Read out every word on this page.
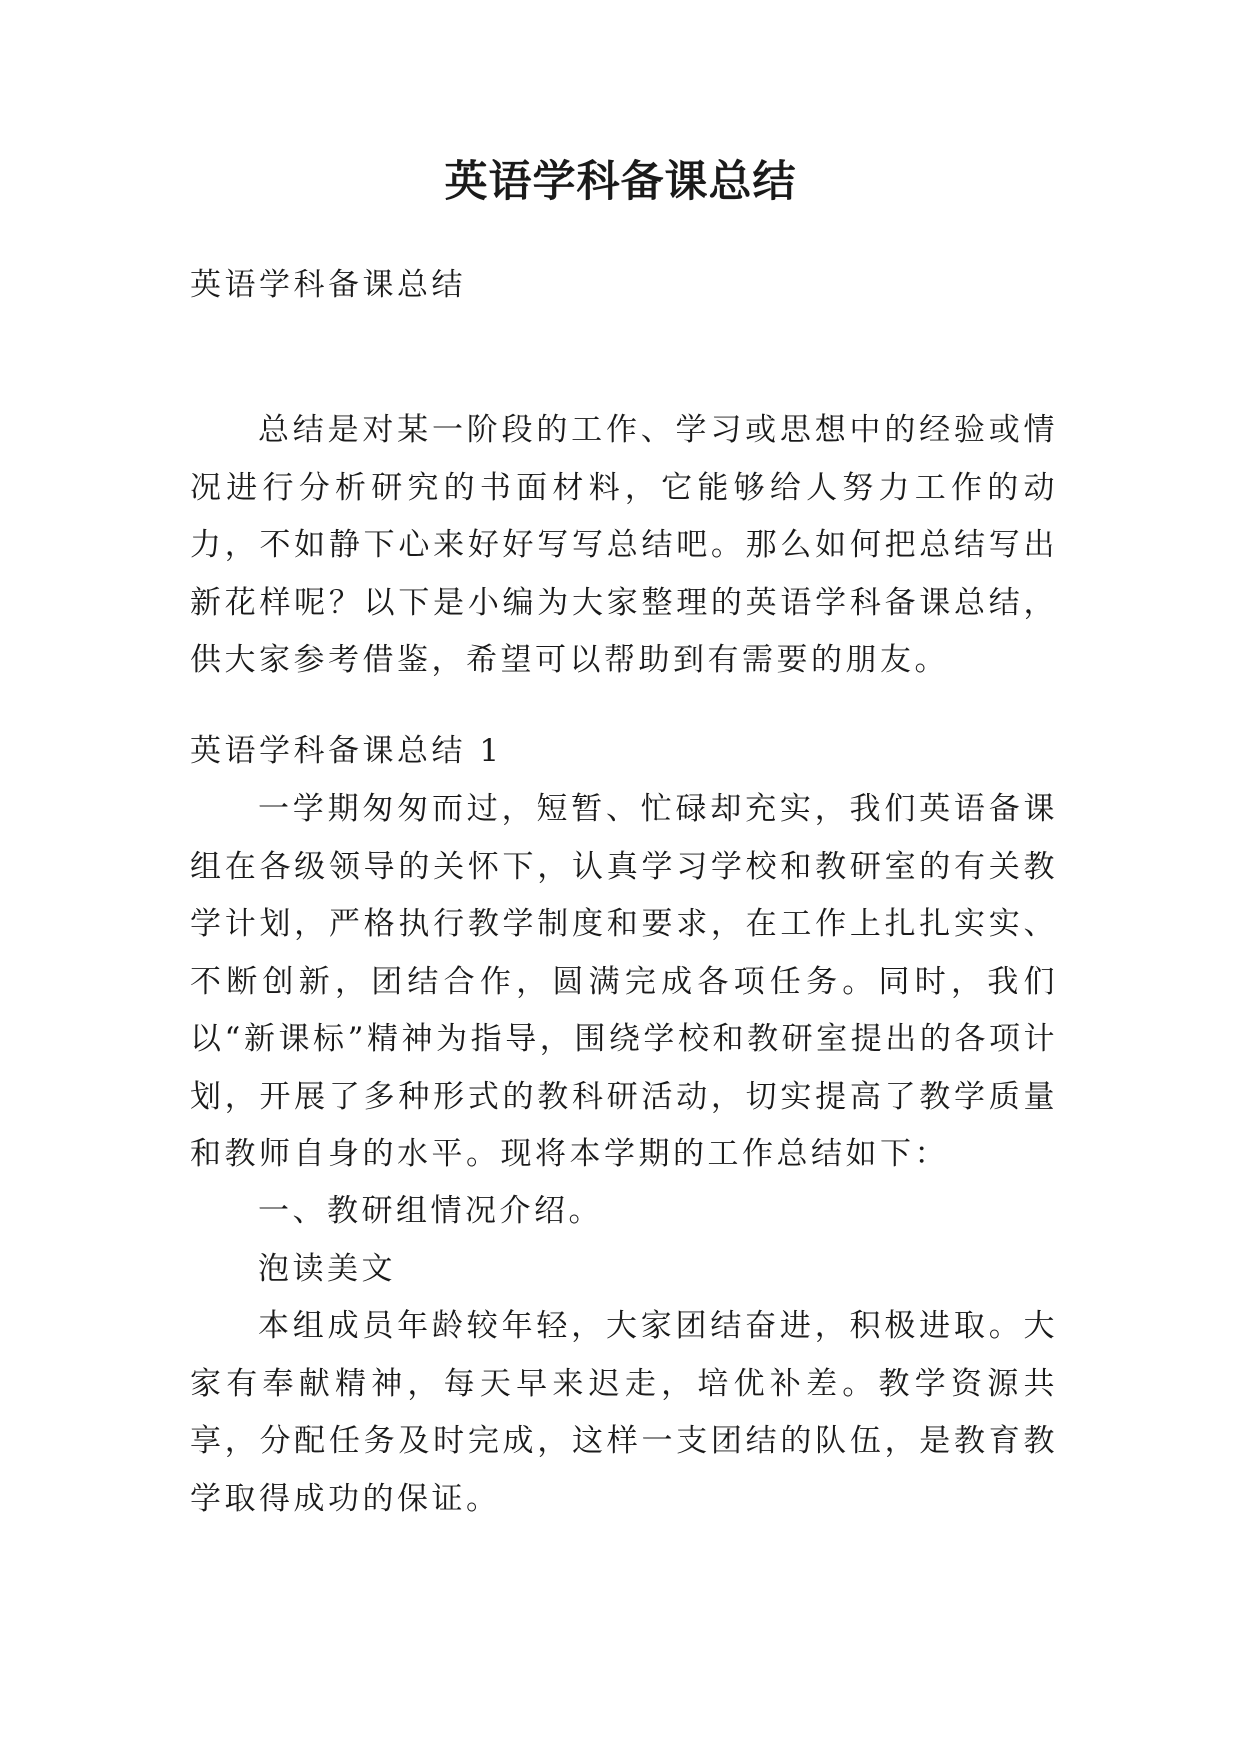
英语学科备课总结

英语学科备课总结

总结是对某一阶段的工作、学习或思想中的经验或情况进行分析研究的书面材料，它能够给人努力工作的动力，不如静下心来好好写写总结吧。那么如何把总结写出新花样呢？以下是小编为大家整理的英语学科备课总结，供大家参考借鉴，希望可以帮助到有需要的朋友。

英语学科备课总结 1

一学期匆匆而过，短暂、忙碌却充实，我们英语备课组在各级领导的关怀下，认真学习学校和教研室的有关教学计划，严格执行教学制度和要求，在工作上扎扎实实、不断创新，团结合作，圆满完成各项任务。同时，我们以“新课标”精神为指导，围绕学校和教研室提出的各项计划，开展了多种形式的教科研活动，切实提高了教学质量和教师自身的水平。现将本学期的工作总结如下：

一、教研组情况介绍。

泡读美文

本组成员年龄较年轻，大家团结奋进，积极进取。大家有奉献精神，每天早来迟走，培优补差。教学资源共享，分配任务及时完成，这样一支团结的队伍，是教育教学取得成功的保证。
